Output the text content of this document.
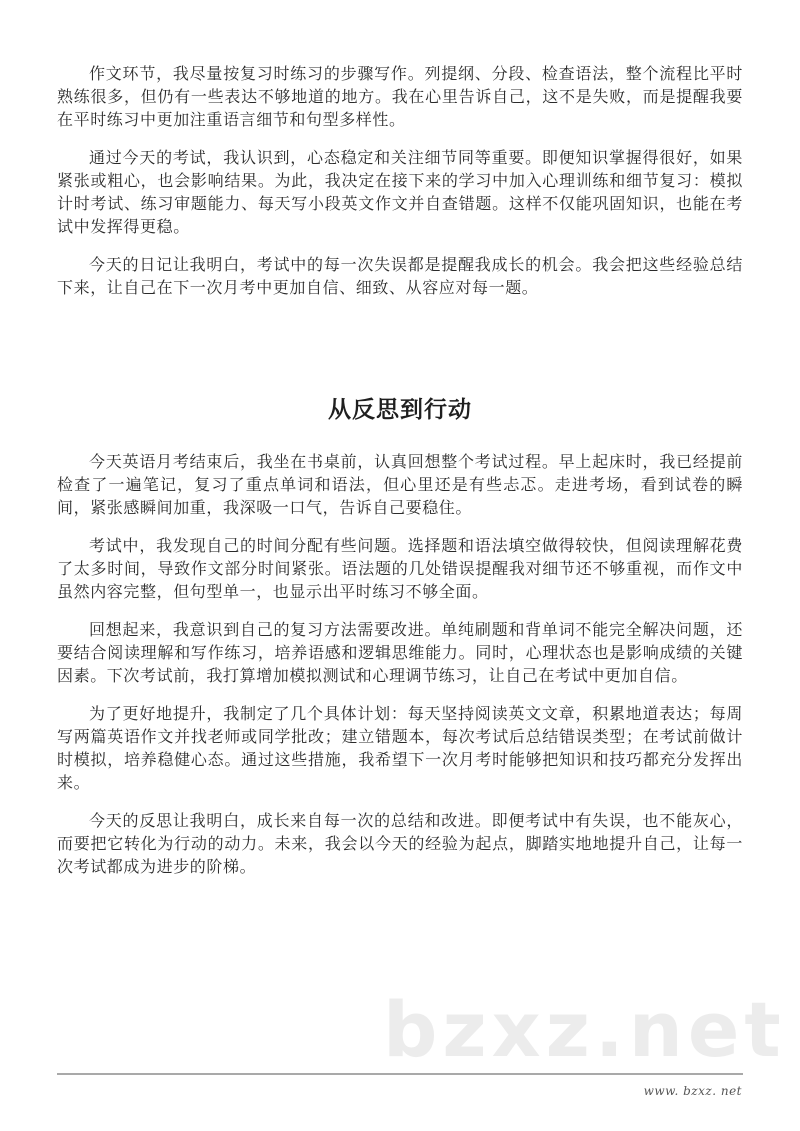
作文环节，我尽量按复习时练习的步骤写作。列提纲、分段、检查语法，整个流程比平时熟练很多，但仍有一些表达不够地道的地方。我在心里告诉自己，这不是失败，而是提醒我要在平时练习中更加注重语言细节和句型多样性。

通过今天的考试，我认识到，心态稳定和关注细节同等重要。即便知识掌握得很好，如果紧张或粗心，也会影响结果。为此，我决定在接下来的学习中加入心理训练和细节复习：模拟计时考试、练习审题能力、每天写小段英文作文并自查错题。这样不仅能巩固知识，也能在考试中发挥得更稳。

今天的日记让我明白，考试中的每一次失误都是提醒我成长的机会。我会把这些经验总结下来，让自己在下一次月考中更加自信、细致、从容应对每一题。

从反思到行动

今天英语月考结束后，我坐在书桌前，认真回想整个考试过程。早上起床时，我已经提前检查了一遍笔记，复习了重点单词和语法，但心里还是有些忐忑。走进考场，看到试卷的瞬间，紧张感瞬间加重，我深吸一口气，告诉自己要稳住。

考试中，我发现自己的时间分配有些问题。选择题和语法填空做得较快，但阅读理解花费了太多时间，导致作文部分时间紧张。语法题的几处错误提醒我对细节还不够重视，而作文中虽然内容完整，但句型单一，也显示出平时练习不够全面。

回想起来，我意识到自己的复习方法需要改进。单纯刷题和背单词不能完全解决问题，还要结合阅读理解和写作练习，培养语感和逻辑思维能力。同时，心理状态也是影响成绩的关键因素。下次考试前，我打算增加模拟测试和心理调节练习，让自己在考试中更加自信。

为了更好地提升，我制定了几个具体计划：每天坚持阅读英文文章，积累地道表达；每周写两篇英语作文并找老师或同学批改；建立错题本，每次考试后总结错误类型；在考试前做计时模拟，培养稳健心态。通过这些措施，我希望下一次月考时能够把知识和技巧都充分发挥出来。

今天的反思让我明白，成长来自每一次的总结和改进。即便考试中有失误，也不能灰心，而要把它转化为行动的动力。未来，我会以今天的经验为起点，脚踏实地地提升自己，让每一次考试都成为进步的阶梯。

bzxz.net
www. bzxz. net
